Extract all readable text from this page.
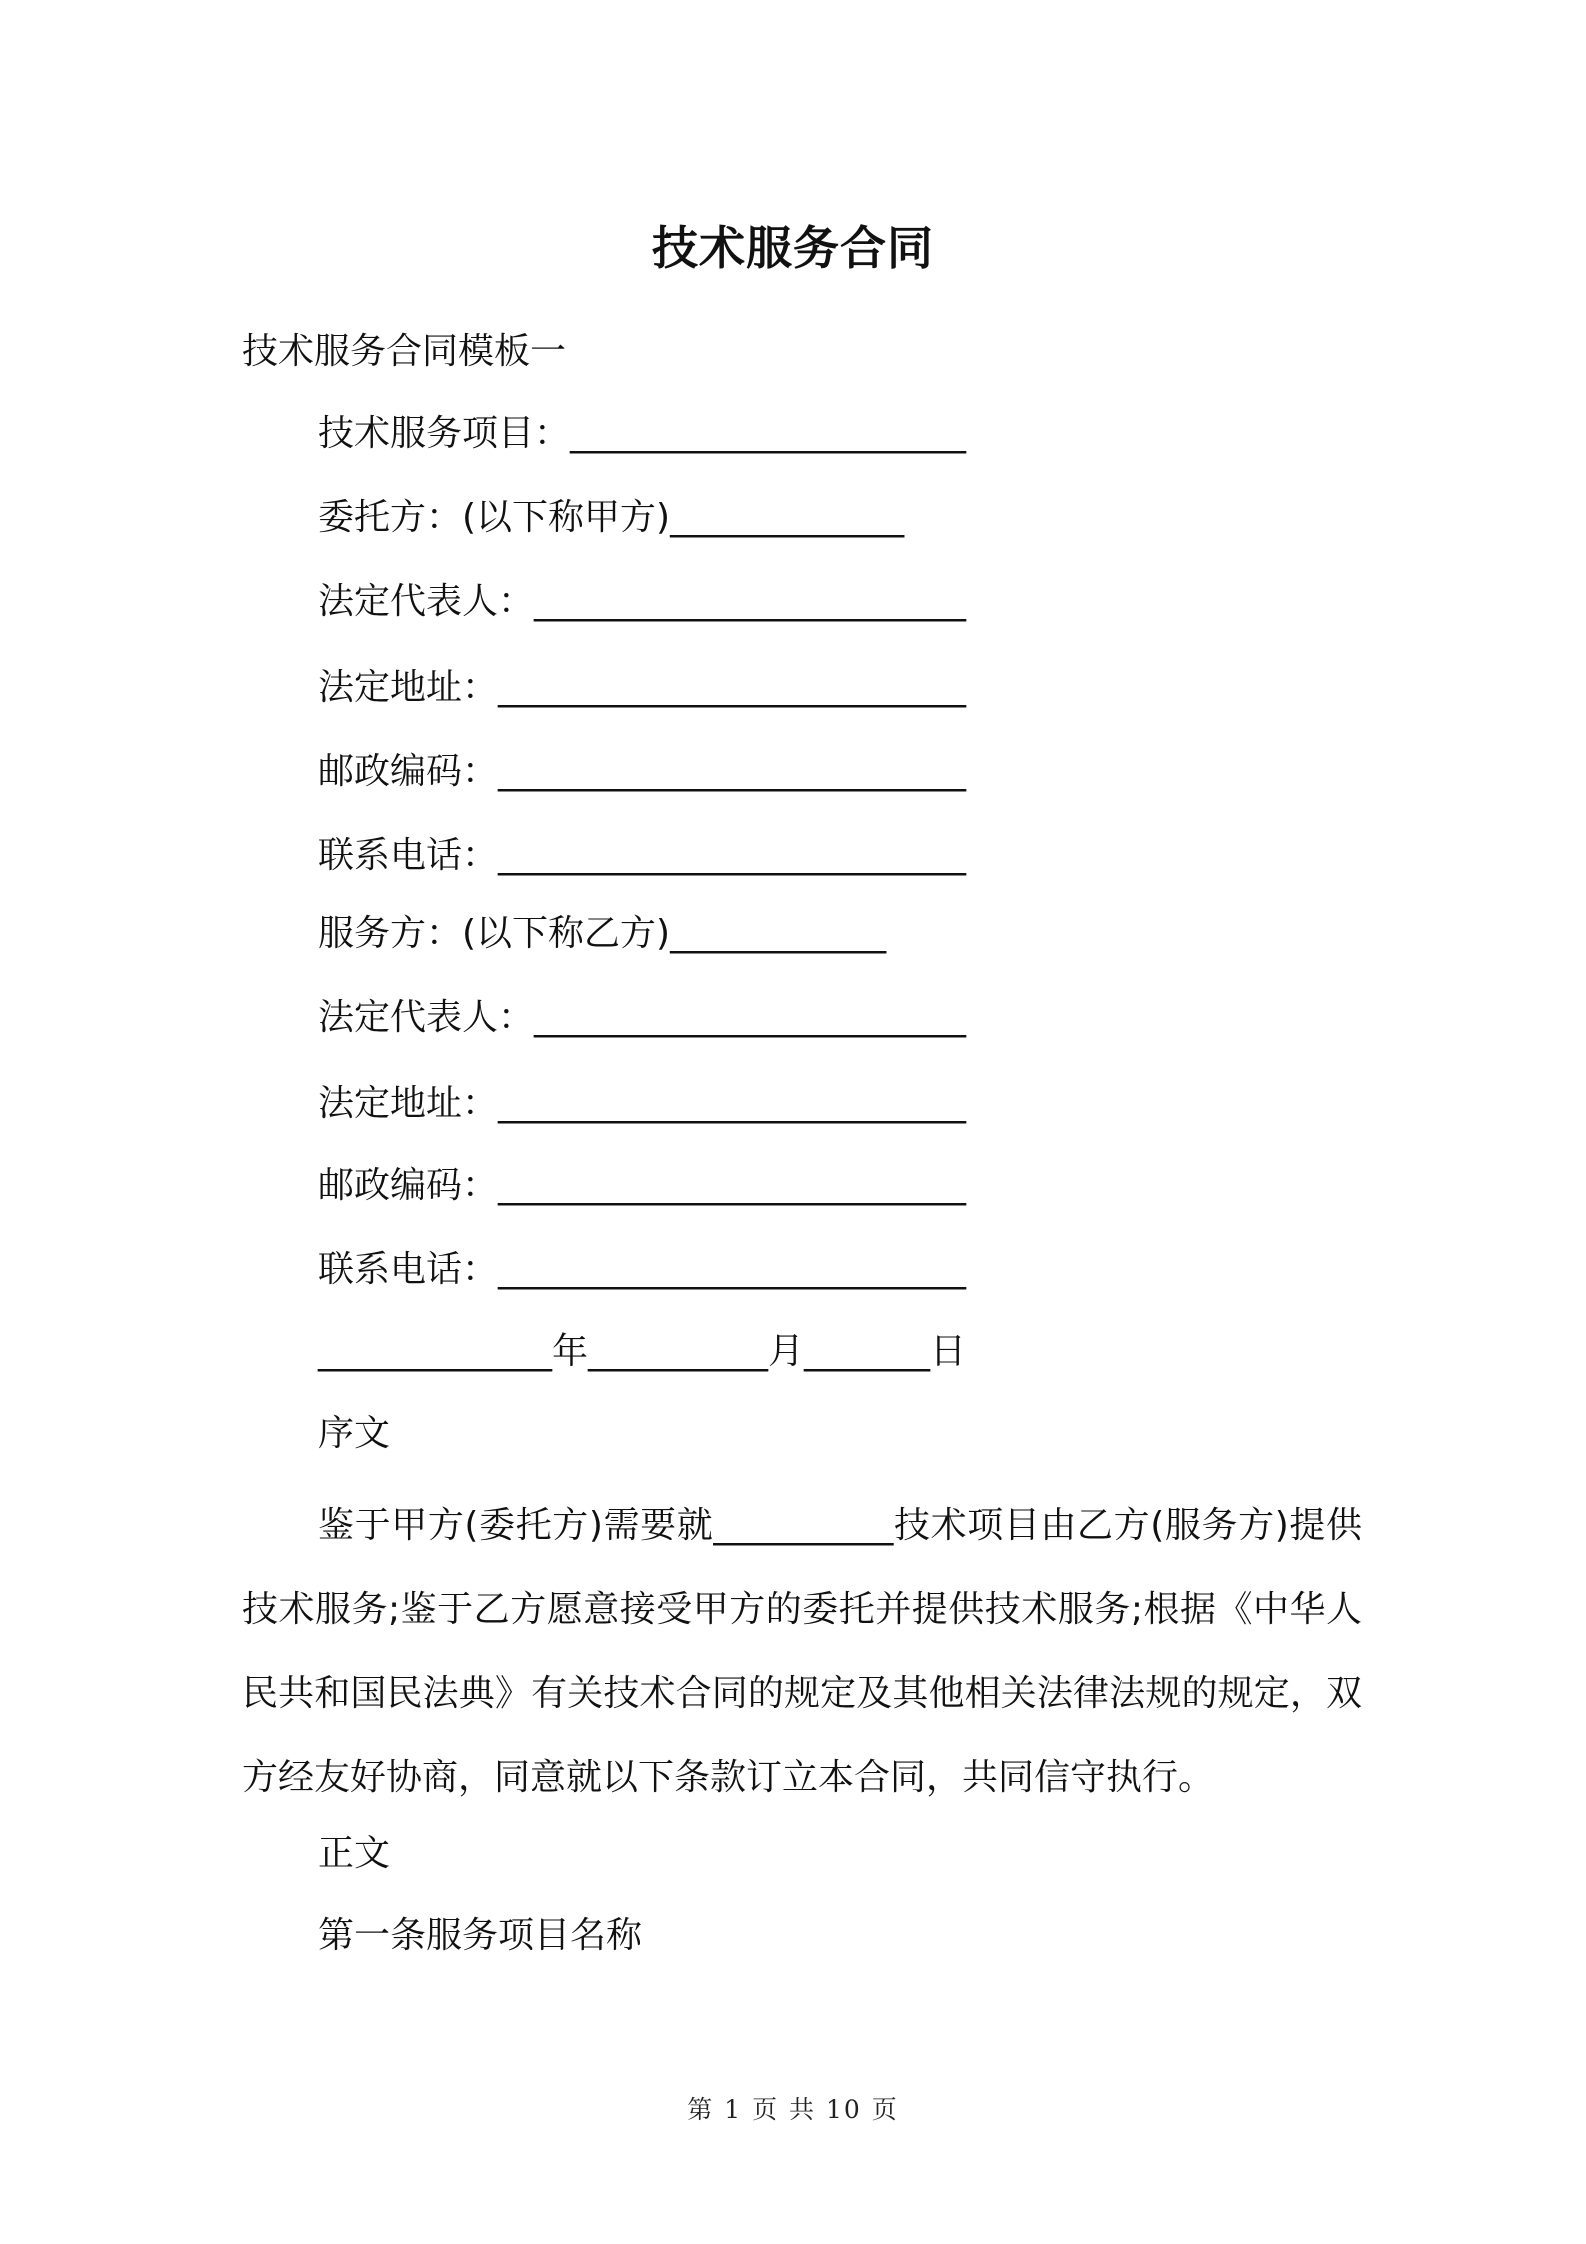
技术服务合同
技术服务合同模板一
技术服务项目：______________________
委托方：(以下称甲方)_____________
法定代表人：________________________
法定地址：__________________________
邮政编码：__________________________
联系电话：__________________________
服务方：(以下称乙方)____________
法定代表人：________________________
法定地址：__________________________
邮政编码：__________________________
联系电话：__________________________
_____________年__________月_______日
序文

鉴于甲方(委托方)需要就__________技术项目由乙方(服务方)提供技术服务;鉴于乙方愿意接受甲方的委托并提供技术服务;根据《中华人民共和国民法典》有关技术合同的规定及其他相关法律法规的规定，双方经友好协商，同意就以下条款订立本合同，共同信守执行。

正文
第一条服务项目名称
第 1 页 共 10 页
